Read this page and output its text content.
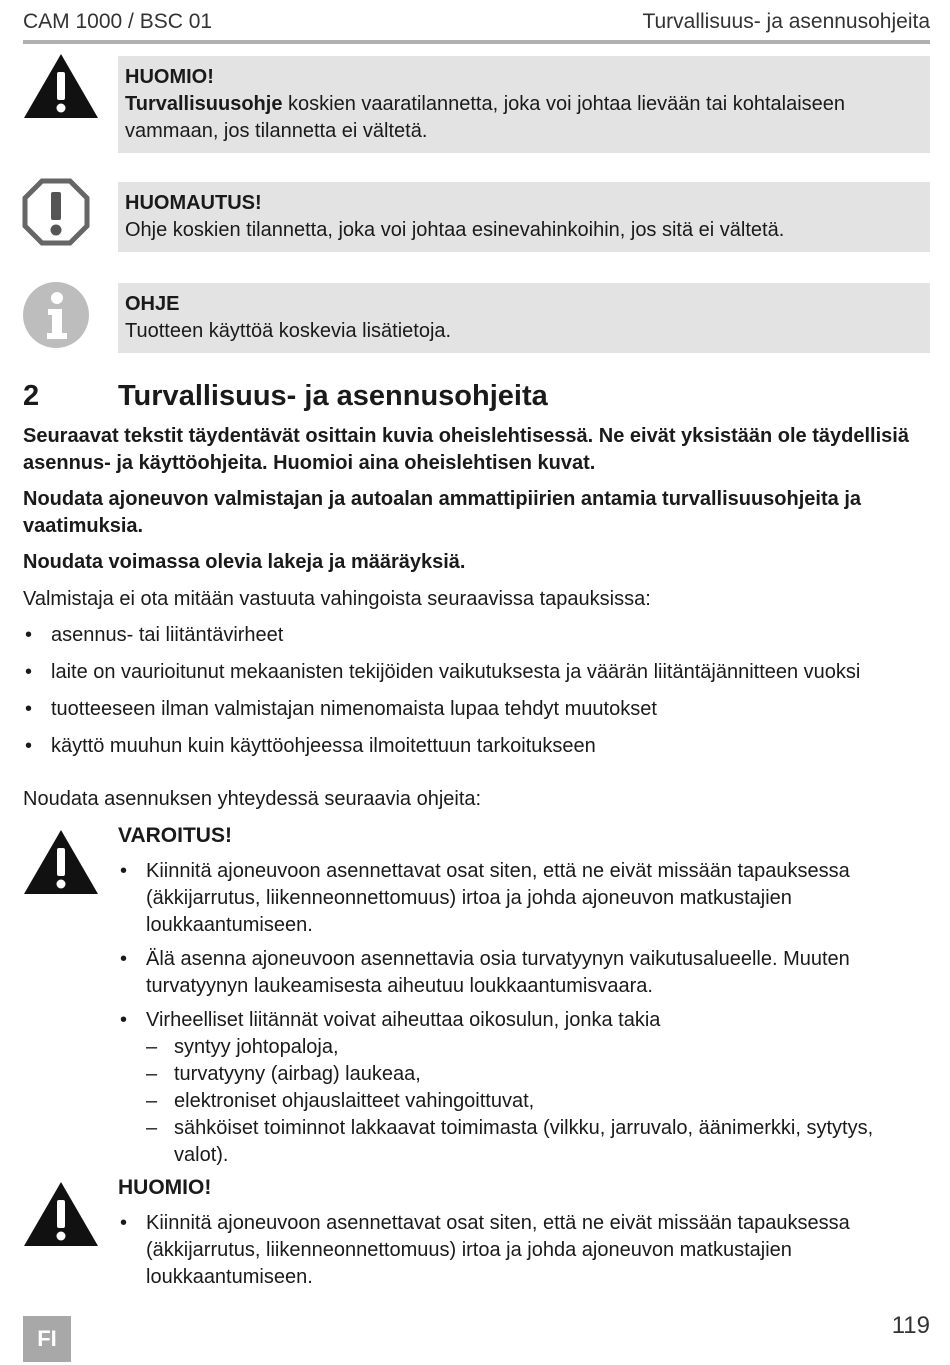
CAM 1000 / BSC 01	Turvallisuus- ja asennusohjeita
HUOMIO!
Turvallisuusohje koskien vaaratilannetta, joka voi johtaa lievään tai kohtalaiseen vammaan, jos tilannetta ei vältetä.
HUOMAUTUS!
Ohje koskien tilannetta, joka voi johtaa esinevahinkoihin, jos sitä ei vältetä.
OHJE
Tuotteen käyttöä koskevia lisätietoja.
2	Turvallisuus- ja asennusohjeita
Seuraavat tekstit täydentävät osittain kuvia oheislehtisessä. Ne eivät yksistään ole täydellisiä asennus- ja käyttöohjeita. Huomioi aina oheislehtisen kuvat.
Noudata ajoneuvon valmistajan ja autoalan ammattipiirien antamia turvallisuusohjeita ja vaatimuksia.
Noudata voimassa olevia lakeja ja määräyksiä.
Valmistaja ei ota mitään vastuuta vahingoista seuraavissa tapauksissa:
• asennus- tai liitäntävirheet
• laite on vaurioitunut mekaanisten tekijöiden vaikutuksesta ja väärän liitäntäjännitteen vuoksi
• tuotteeseen ilman valmistajan nimenomaista lupaa tehdyt muutokset
• käyttö muuhun kuin käyttöohjeessa ilmoitettuun tarkoitukseen
Noudata asennuksen yhteydessä seuraavia ohjeita:
VAROITUS!
• Kiinnitä ajoneuvoon asennettavat osat siten, että ne eivät missään tapauksessa (äkkijarrutus, liikenneonnettomuus) irtoa ja johda ajoneuvon matkustajien loukkaantumiseen.
• Älä asenna ajoneuvoon asennettavia osia turvatyynyn vaikutusalueelle. Muuten turvatyynyn laukeamisesta aiheutuu loukkaantumisvaara.
• Virheelliset liitännät voivat aiheuttaa oikosulun, jonka takia
– syntyy johtopaloja,
– turvatyyny (airbag) laukeaa,
– elektroniset ohjauslaitteet vahingoittuvat,
– sähköiset toiminnot lakkaavat toimimasta (vilkku, jarruvalo, äänimerkki, sytytys, valot).
HUOMIO!
• Kiinnitä ajoneuvoon asennettavat osat siten, että ne eivät missään tapauksessa (äkkijarrutus, liikenneonnettomuus) irtoa ja johda ajoneuvon matkustajien loukkaantumiseen.
FI	119
